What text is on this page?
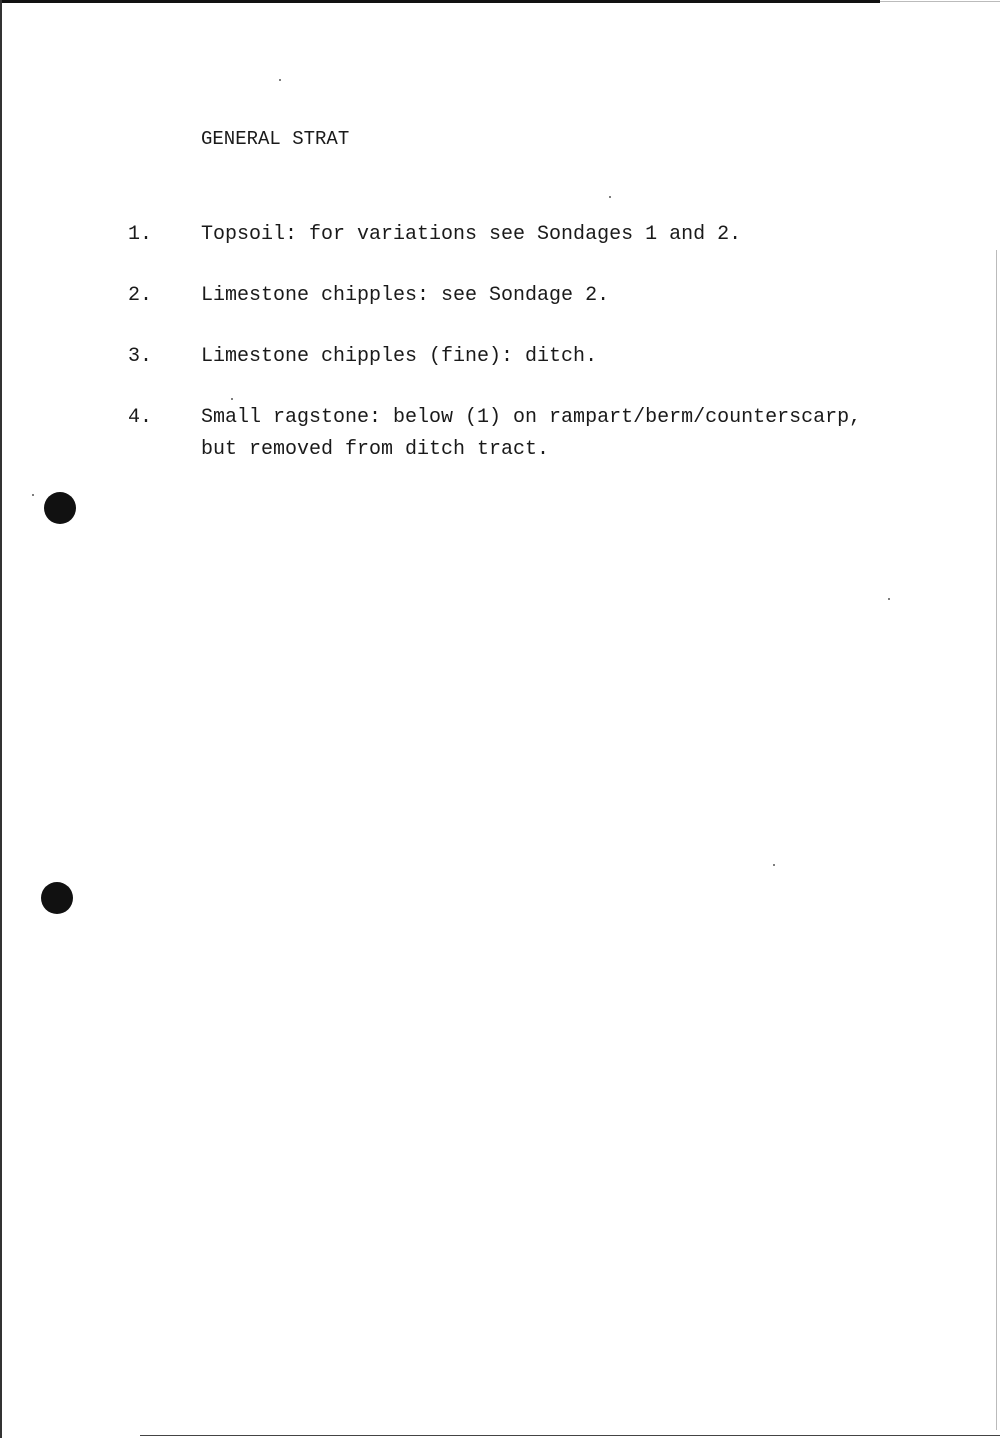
GENERAL STRAT
1.	Topsoil: for variations see Sondages 1 and 2.
2.	Limestone chipples: see Sondage 2.
3.	Limestone chipples (fine): ditch.
4.	Small ragstone: below (1) on rampart/berm/counterscarp, but removed from ditch tract.
